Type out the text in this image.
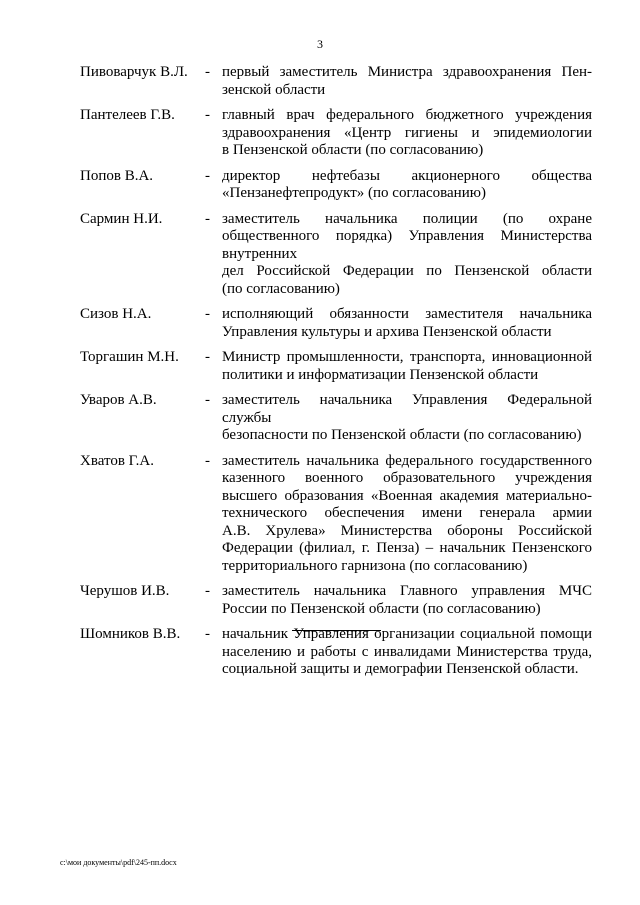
3
Пивоварчук В.Л. - первый заместитель Министра здравоохранения Пен-
зенской области
Пантелеев Г.В. - главный врач федерального бюджетного учреждения
здравоохранения «Центр гигиены и эпидемиологии
в Пензенской области (по согласованию)
Попов В.А.	- директор нефтебазы акционерного общества
«Пензанефтепродукт» (по согласованию)
Сармин Н.И.	- заместитель начальника полиции (по охране общественного порядка) Управления Министерства внутренних
дел Российской Федерации по Пензенской области
(по согласованию)
Сизов Н.А.	- исполняющий обязанности заместителя начальника
Управления культуры и архива Пензенской области
Торгашин М.Н. - Министр промышленности, транспорта, инновационной
политики и информатизации Пензенской области
Уваров А.В.	- заместитель начальника Управления Федеральной службы
безопасности по Пензенской области (по согласованию)
Хватов Г.А.	- заместитель начальника федерального государственного
казенного военного образовательного учреждения
высшего образования «Военная академия материально-
технического обеспечения имени генерала армии
А.В. Хрулева» Министерства обороны Российской
Федерации (филиал, г. Пенза) – начальник Пензенского
территориального гарнизона (по согласованию)
Черушов И.В. - заместитель начальника Главного управления МЧС
России по Пензенской области (по согласованию)
Шомников В.В. - начальник Управления организации социальной помощи
населению и работы с инвалидами Министерства труда,
социальной защиты и демографии Пензенской области.
c:\мои документы\pdf\245-пп.docx
